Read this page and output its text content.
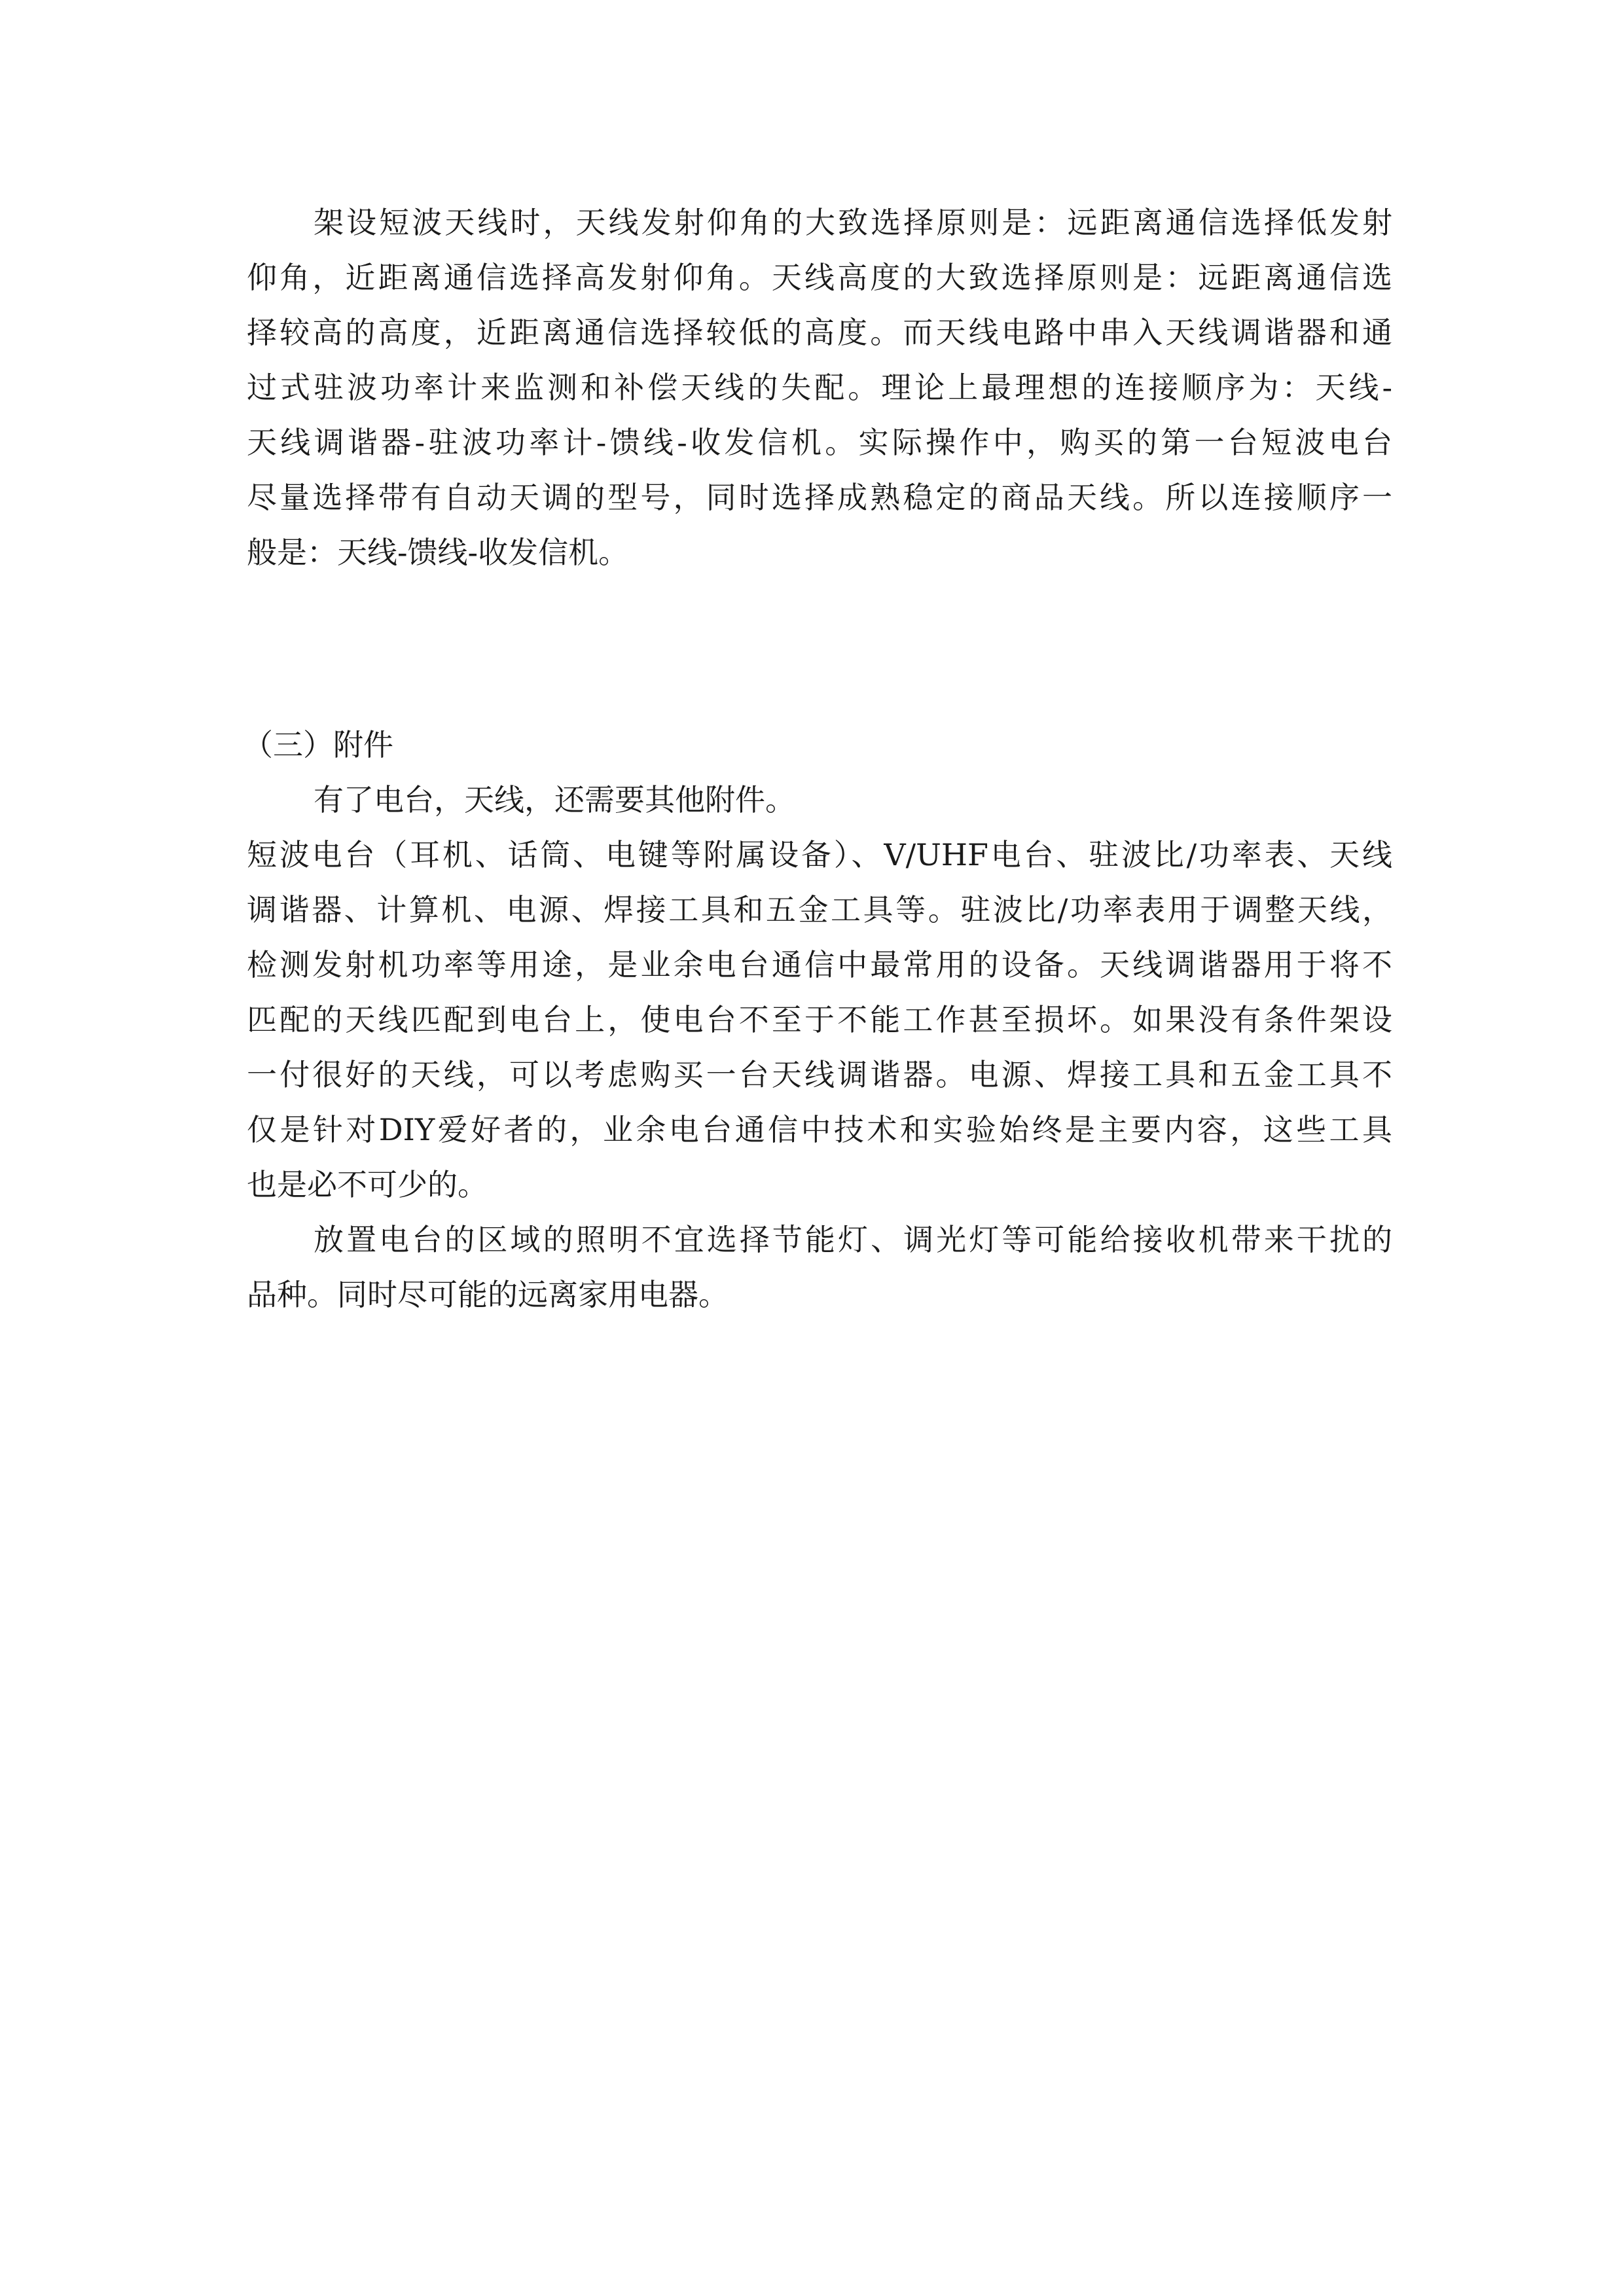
架设短波天线时，天线发射仰角的大致选择原则是：远距离通信选择低发射
仰角，近距离通信选择高发射仰角。天线高度的大致选择原则是：远距离通信选
择较高的高度，近距离通信选择较低的高度。而天线电路中串入天线调谐器和通
过式驻波功率计来监测和补偿天线的失配。理论上最理想的连接顺序为：天线-
天线调谐器-驻波功率计-馈线-收发信机。实际操作中，购买的第一台短波电台
尽量选择带有自动天调的型号，同时选择成熟稳定的商品天线。所以连接顺序一
般是：天线-馈线-收发信机。
（三）附件
有了电台，天线，还需要其他附件。
短波电台（耳机、话筒、电键等附属设备）、V/UHF电台、驻波比/功率表、天线
调谐器、计算机、电源、焊接工具和五金工具等。驻波比/功率表用于调整天线，
检测发射机功率等用途，是业余电台通信中最常用的设备。天线调谐器用于将不
匹配的天线匹配到电台上，使电台不至于不能工作甚至损坏。如果没有条件架设
一付很好的天线，可以考虑购买一台天线调谐器。电源、焊接工具和五金工具不
仅是针对DIY爱好者的，业余电台通信中技术和实验始终是主要内容，这些工具
也是必不可少的。
放置电台的区域的照明不宜选择节能灯、调光灯等可能给接收机带来干扰的
品种。同时尽可能的远离家用电器。
